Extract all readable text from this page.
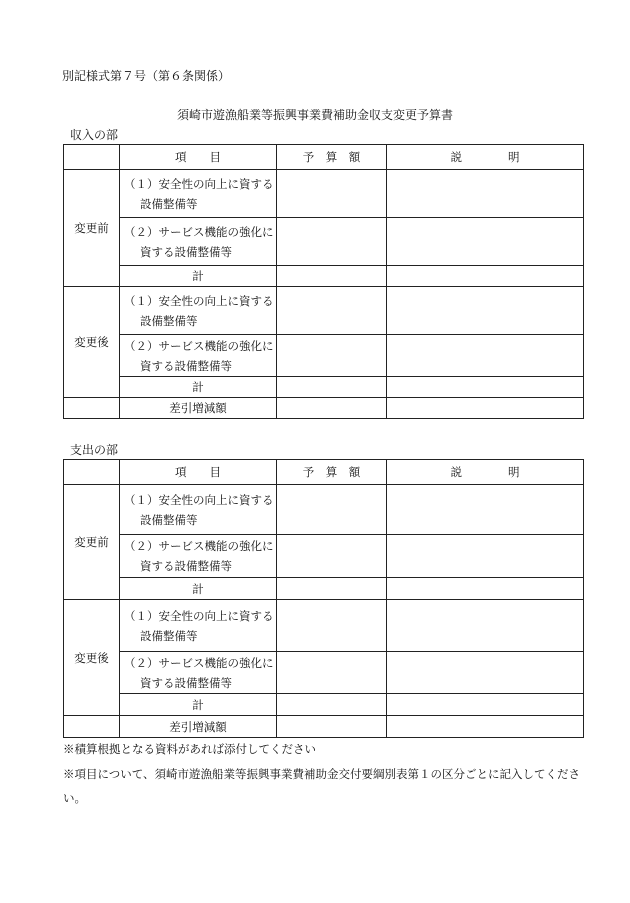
別記様式第７号（第６条関係）
須崎市遊漁船業等振興事業費補助金収支変更予算書
収入の部

	項　　目	予　算　額	説　　　　明
変更前	（１）安全性の向上に資する
設備整備等		

	（２）サービス機能の強化に
資する設備整備等		

	計		
変更後	（１）安全性の向上に資する
設備整備等		

	（２）サービス機能の強化に
資する設備整備等		

	計		
	差引増減額		
支出の部

	項　　目	予　算　額	説　　　　明
変更前	（１）安全性の向上に資する
設備整備等		

	（２）サービス機能の強化に
資する設備整備等		

	計		
変更後	（１）安全性の向上に資する
設備整備等		

	（２）サービス機能の強化に
資する設備整備等		

	計		
	差引増減額		
※積算根拠となる資料があれば添付してください
※項目について、須崎市遊漁船業等振興事業費補助金交付要綱別表第１の区分ごとに記入してください。
